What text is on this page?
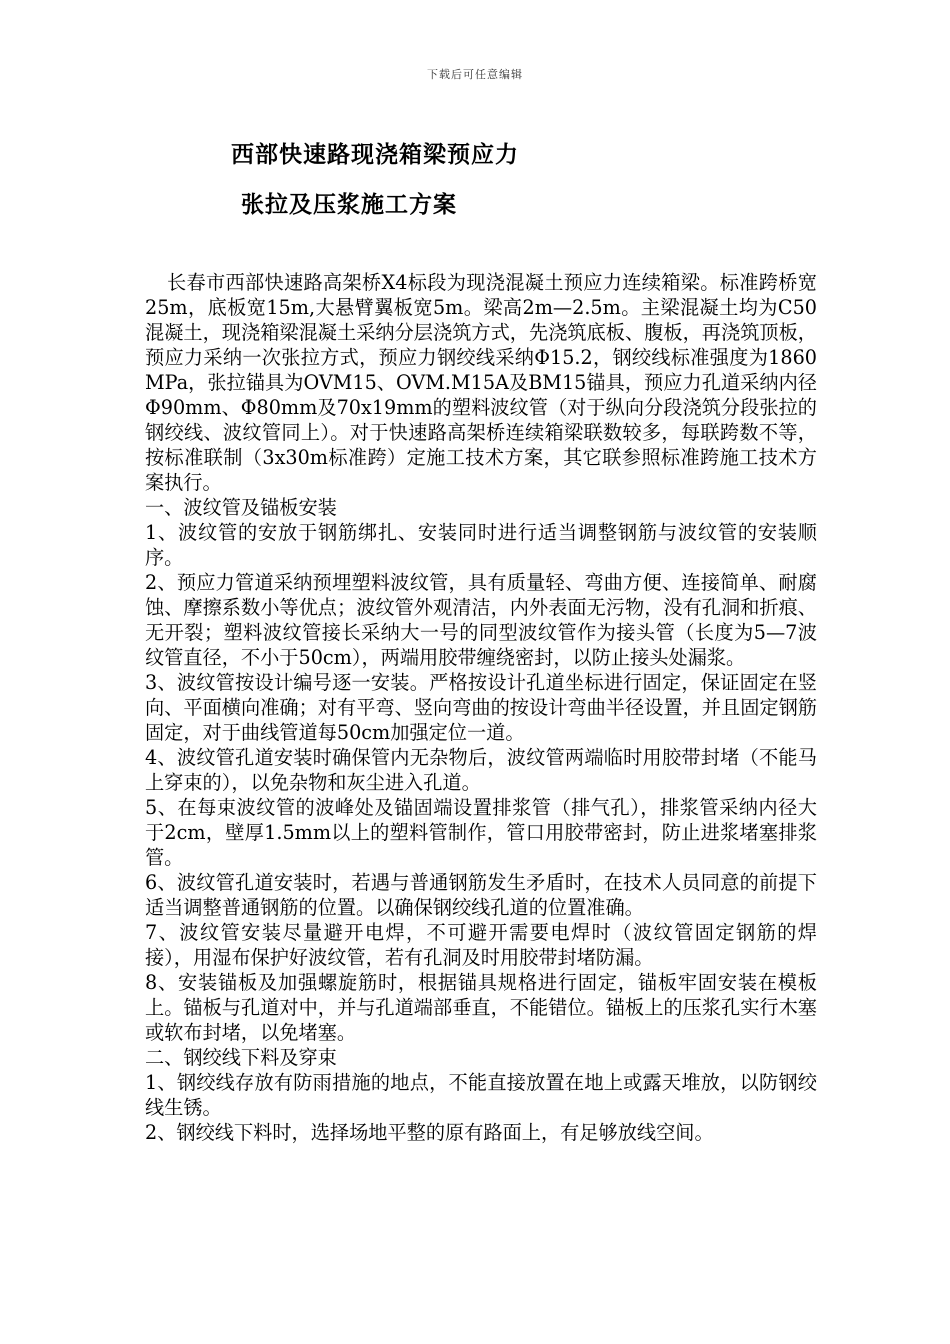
下载后可任意编辑
西部快速路现浇箱梁预应力
张拉及压浆施工方案

长春市西部快速路高架桥X4标段为现浇混凝土预应力连续箱梁。标准跨桥宽25m，底板宽15m,大悬臂翼板宽5m。梁高2m—2.5m。主梁混凝土均为C50混凝土，现浇箱梁混凝土采纳分层浇筑方式，先浇筑底板、腹板，再浇筑顶板，预应力采纳一次张拉方式，预应力钢绞线采纳Φ15.2，钢绞线标准强度为1860MPa，张拉锚具为OVM15、OVM.M15A及BM15锚具，预应力孔道采纳内径Φ90mm、Φ80mm及70x19mm的塑料波纹管（对于纵向分段浇筑分段张拉的钢绞线、波纹管同上）。对于快速路高架桥连续箱梁联数较多，每联跨数不等，按标准联制（3x30m标准跨）定施工技术方案，其它联参照标准跨施工技术方案执行。

一、波纹管及锚板安装

1、波纹管的安放于钢筋绑扎、安装同时进行适当调整钢筋与波纹管的安装顺序。

2、预应力管道采纳预埋塑料波纹管，具有质量轻、弯曲方便、连接简单、耐腐蚀、摩擦系数小等优点；波纹管外观清洁，内外表面无污物，没有孔洞和折痕、无开裂；塑料波纹管接长采纳大一号的同型波纹管作为接头管（长度为5—7波纹管直径，不小于50cm），两端用胶带缠绕密封，以防止接头处漏浆。

3、波纹管按设计编号逐一安装。严格按设计孔道坐标进行固定，保证固定在竖向、平面横向准确；对有平弯、竖向弯曲的按设计弯曲半径设置，并且固定钢筋固定，对于曲线管道每50cm加强定位一道。

4、波纹管孔道安装时确保管内无杂物后，波纹管两端临时用胶带封堵（不能马上穿束的），以免杂物和灰尘进入孔道。

5、在每束波纹管的波峰处及锚固端设置排浆管（排气孔），排浆管采纳内径大于2cm，壁厚1.5mm以上的塑料管制作，管口用胶带密封，防止进浆堵塞排浆管。

6、波纹管孔道安装时，若遇与普通钢筋发生矛盾时，在技术人员同意的前提下适当调整普通钢筋的位置。以确保钢绞线孔道的位置准确。

7、波纹管安装尽量避开电焊，不可避开需要电焊时（波纹管固定钢筋的焊接），用湿布保护好波纹管，若有孔洞及时用胶带封堵防漏。

8、安装锚板及加强螺旋筋时，根据锚具规格进行固定，锚板牢固安装在模板上。锚板与孔道对中，并与孔道端部垂直，不能错位。锚板上的压浆孔实行木塞或软布封堵，以免堵塞。

二、钢绞线下料及穿束

1、钢绞线存放有防雨措施的地点，不能直接放置在地上或露天堆放，以防钢绞线生锈。

2、钢绞线下料时，选择场地平整的原有路面上，有足够放线空间。
